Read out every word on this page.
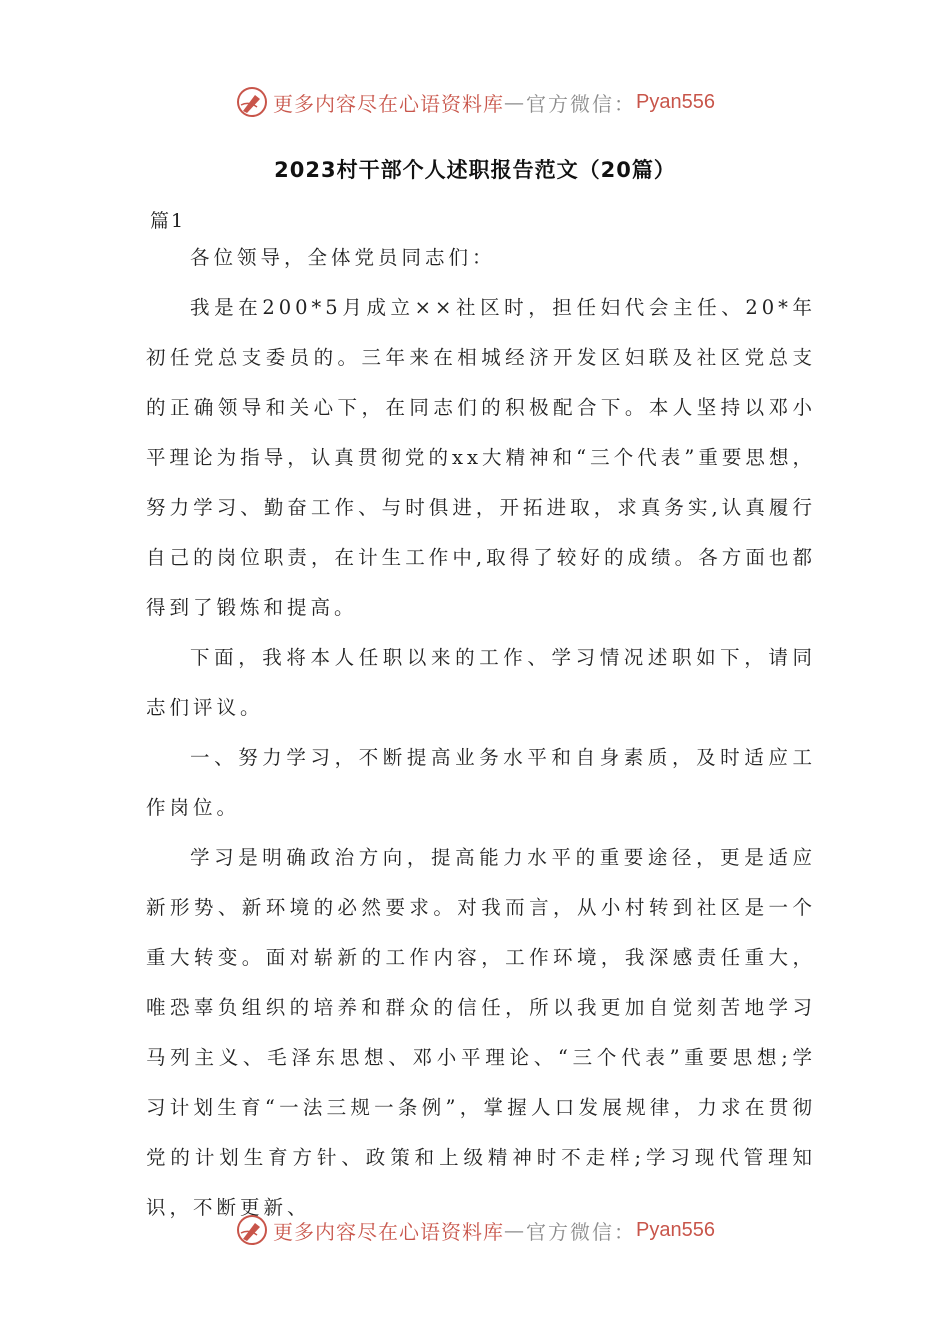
更多内容尽在心语资料库 — 官方微信： Pyan556
2023村干部个人述职报告范文（20篇）
篇1

各位领导，全体党员同志们：

我是在200*5月成立××社区时，担任妇代会主任、20*年初任党总支委员的。三年来在相城经济开发区妇联及社区党总支的正确领导和关心下，在同志们的积极配合下。本人坚持以邓小平理论为指导，认真贯彻党的xx大精神和“三个代表”重要思想，努力学习、勤奋工作、与时俱进，开拓进取，求真务实,认真履行自己的岗位职责，在计生工作中,取得了较好的成绩。各方面也都得到了锻炼和提高。

下面，我将本人任职以来的工作、学习情况述职如下，请同志们评议。

一、努力学习，不断提高业务水平和自身素质，及时适应工作岗位。

学习是明确政治方向，提高能力水平的重要途径，更是适应新形势、新环境的必然要求。对我而言，从小村转到社区是一个重大转变。面对崭新的工作内容，工作环境，我深感责任重大，唯恐辜负组织的培养和群众的信任，所以我更加自觉刻苦地学习马列主义、毛泽东思想、邓小平理论、“三个代表”重要思想;学习计划生育“一法三规一条例”，掌握人口发展规律，力求在贯彻党的计划生育方针、政策和上级精神时不走样;学习现代管理知识，不断更新、

更多内容尽在心语资料库 — 官方微信： Pyan556
